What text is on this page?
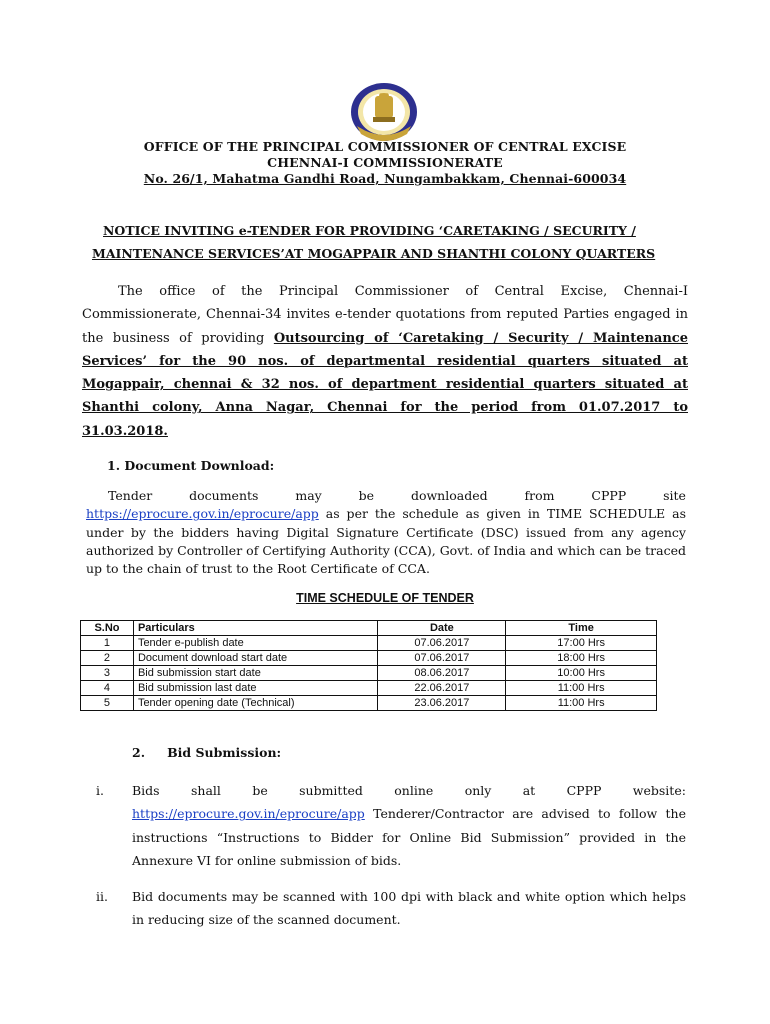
OFFICE OF THE PRINCIPAL COMMISSIONER OF CENTRAL EXCISE
CHENNAI-I COMMISSIONERATE
No. 26/1, Mahatma Gandhi Road, Nungambakkam, Chennai-600034
NOTICE INVITING e-TENDER FOR PROVIDING ‘CARETAKING / SECURITY /
MAINTENANCE SERVICES’AT MOGAPPAIR AND SHANTHI COLONY QUARTERS
The office of the Principal Commissioner of Central Excise, Chennai-I Commissionerate, Chennai-34 invites e-tender quotations from reputed Parties engaged in the business of providing Outsourcing of ‘Caretaking / Security / Maintenance Services’ for the 90 nos. of departmental residential quarters situated at Mogappair, chennai & 32 nos. of department residential quarters situated at Shanthi colony, Anna Nagar, Chennai for the period from 01.07.2017 to 31.03.2018.
1. Document Download:
Tender	documents	may	be	downloaded	from	CPPP	site
https://eprocure.gov.in/eprocure/app as per the schedule as given in TIME SCHEDULE as under by the bidders having Digital Signature Certificate (DSC) issued from any agency authorized by Controller of Certifying Authority (CCA), Govt. of India and which can be traced up to the chain of trust to the Root Certificate of CCA.
TIME SCHEDULE OF TENDER
S.No	Particulars	Date	Time
1	Tender e-publish date	07.06.2017	17:00 Hrs
2	Document download start date	07.06.2017	18:00 Hrs
3	Bid submission start date	08.06.2017	10:00 Hrs
4	Bid submission last date	22.06.2017	11:00 Hrs
5	Tender opening date (Technical)	23.06.2017	11:00 Hrs
2. Bid Submission:
i. Bids	shall	be	submitted	online	only	at	CPPP	website:
https://eprocure.gov.in/eprocure/app Tenderer/Contractor are advised to follow the instructions “Instructions to Bidder for Online Bid Submission” provided in the Annexure VI for online submission of bids.
ii. Bid documents may be scanned with 100 dpi with black and white option which helps in reducing size of the scanned document.
